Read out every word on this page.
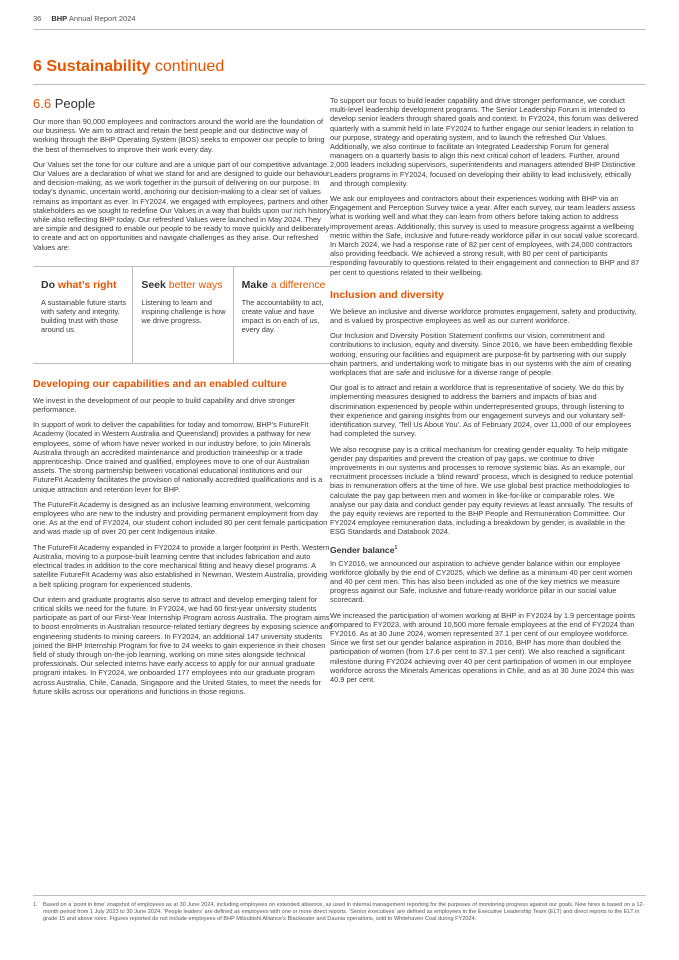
36 BHP Annual Report 2024
6 Sustainability continued
6.6 People

Our more than 90,000 employees and contractors around the world are the foundation of our business. We aim to attract and retain the best people and our distinctive way of working through the BHP Operating System (BOS) seeks to empower our people to bring the best of themselves to improve their work every day.

Our Values set the tone for our culture and are a unique part of our competitive advantage. Our Values are a declaration of what we stand for and are designed to guide our behaviour and decision-making, as we work together in the pursuit of delivering on our purpose. In today’s dynamic, uncertain world, anchoring our decision-making to a clear set of values remains as important as ever. In FY2024, we engaged with employees, partners and other stakeholders as we sought to redefine Our Values in a way that builds upon our rich history, while also reflecting BHP today. Our refreshed Values were launched in May 2024. They are simple and designed to enable our people to be ready to move quickly and deliberately to create and act on opportunities and navigate challenges as they arise. Our refreshed Values are:

Do what’s right
A sustainable future starts with safety and integrity, building trust with those around us.
Seek better ways
Listening to learn and inspiring challenge is how we drive progress.
Make a difference
The accountability to act, create value and have impact is on each of us, every day.
Developing our capabilities and an enabled culture

We invest in the development of our people to build capability and drive stronger performance.

In support of work to deliver the capabilities for today and tomorrow, BHP’s FutureFit Academy (located in Western Australia and Queensland) provides a pathway for new employees, some of whom have never worked in our industry before, to join Minerals Australia through an accredited maintenance and production traineeship or a trade apprenticeship. Once trained and qualified, employees move to one of our Australian assets. The strong partnership between vocational educational institutions and our FutureFit Academy facilitates the provision of nationally accredited qualifications and is a unique attraction and retention lever for BHP.

The FutureFit Academy is designed as an inclusive learning environment, welcoming employees who are new to the industry and providing permanent employment from day one. As at the end of FY2024, our student cohort included 80 per cent female participation and was made up of over 20 per cent Indigenous intake.

The FutureFit Academy expanded in FY2024 to provide a larger footprint in Perth, Western Australia, moving to a purpose-built learning centre that includes fabrication and auto electrical trades in addition to the core mechanical fitting and heavy diesel programs. A satellite FutureFit Academy was also established in Newman, Western Australia, providing a belt splicing program for experienced students.

Our intern and graduate programs also serve to attract and develop emerging talent for critical skills we need for the future. In FY2024, we had 60 first-year university students participate as part of our First-Year Internship Program across Australia. The program aims to boost enrolments in Australian resource-related tertiary degrees by exposing science and engineering students to mining careers. In FY2024, an additional 147 university students joined the BHP Internship Program for five to 24 weeks to gain experience in their chosen field of study through on-the-job learning, working on mine sites alongside technical professionals. Our selected interns have early access to apply for our annual graduate program intakes. In FY2024, we onboarded 177 employees into our graduate program across Australia, Chile, Canada, Singapore and the United States, to meet the needs for future skills across our operations and functions in those regions.

To support our focus to build leader capability and drive stronger performance, we conduct multi-level leadership development programs. The Senior Leadership Forum is intended to develop senior leaders through shared goals and context. In FY2024, this forum was delivered quarterly with a summit held in late FY2024 to further engage our senior leaders in relation to our purpose, strategy and operating system, and to launch the refreshed Our Values. Additionally, we also continue to facilitate an Integrated Leadership Forum for general managers on a quarterly basis to align this next critical cohort of leaders. Further, around 2,000 leaders including supervisors, superintendents and managers attended BHP Distinctive Leaders programs in FY2024, focused on developing their ability to lead inclusively, ethically and through complexity.

We ask our employees and contractors about their experiences working with BHP via an Engagement and Perception Survey twice a year. After each survey, our team leaders assess what is working well and what they can learn from others before taking action to address improvement areas. Additionally, this survey is used to measure progress against a wellbeing metric within the Safe, inclusive and future-ready workforce pillar in our social value scorecard. In March 2024, we had a response rate of 82 per cent of employees, with 24,000 contractors also providing feedback. We achieved a strong result, with 80 per cent of participants responding favourably to questions related to their engagement and connection to BHP and 87 per cent to questions related to their wellbeing.

Inclusion and diversity

We believe an inclusive and diverse workforce promotes engagement, safety and productivity, and is valued by prospective employees as well as our current workforce.

Our Inclusion and Diversity Position Statement confirms our vision, commitment and contributions to inclusion, equity and diversity. Since 2016, we have been embedding flexible working, ensuring our facilities and equipment are purpose-fit by partnering with our supply chain partners, and undertaking work to mitigate bias in our systems with the aim of creating workplaces that are safe and inclusive for a diverse range of people.

Our goal is to attract and retain a workforce that is representative of society. We do this by implementing measures designed to address the barriers and impacts of bias and discrimination experienced by people within underrepresented groups, through listening to their experience and gaining insights from our engagement surveys and our voluntary self-identification survey, ‘Tell Us About You’. As of February 2024, over 11,000 of our employees had completed the survey.

We also recognise pay is a critical mechanism for creating gender equality. To help mitigate gender pay disparities and prevent the creation of pay gaps, we continue to drive improvements in our systems and processes to remove systemic bias. As an example, our recruitment processes include a ‘blind reward’ process, which is designed to reduce potential bias in remuneration offers at the time of hire. We use global best practice methodologies to calculate the pay gap between men and women in like-for-like or comparable roles. We analyse our pay data and conduct gender pay equity reviews at least annually. The results of the pay equity reviews are reported to the BHP People and Remuneration Committee. Our FY2024 employee remuneration data, including a breakdown by gender, is available in the ESG Standards and Databook 2024.

Gender balance$^1$

In CY2016, we announced our aspiration to achieve gender balance within our employee workforce globally by the end of CY2025, which we define as a minimum 40 per cent women and 40 per cent men. This has also been included as one of the key metrics we measure progress against our Safe, inclusive and future-ready workforce pillar in our social value scorecard.

We increased the participation of women working at BHP in FY2024 by 1.9 percentage points compared to FY2023, with around 10,500 more female employees at the end of FY2024 than FY2016. As at 30 June 2024, women represented 37.1 per cent of our employee workforce. Since we first set our gender balance aspiration in 2016, BHP has more than doubled the participation of women (from 17.6 per cent to 37.1 per cent). We also reached a significant milestone during FY2024 achieving over 40 per cent participation of women in our employee workforce across the Minerals Americas operations in Chile, and as at 30 June 2024 this was 40.9 per cent.

1. Based on a ‘point in time’ snapshot of employees as at 30 June 2024, including employees on extended absence, as used in internal management reporting for the purposes of monitoring progress against our goals. New hires is based on a 12-month period from 1 July 2023 to 30 June 2024. ‘People leaders’ are defined as employees with one or more direct reports. ‘Senior executives’ are defined as employees in the Executive Leadership Team (ELT) and direct reports to the ELT in grade 15 and above roles. Figures reported do not include employees of BHP Mitsubishi Alliance’s Blackwater and Daunia operations, sold to Whitehaven Coal during FY2024.
